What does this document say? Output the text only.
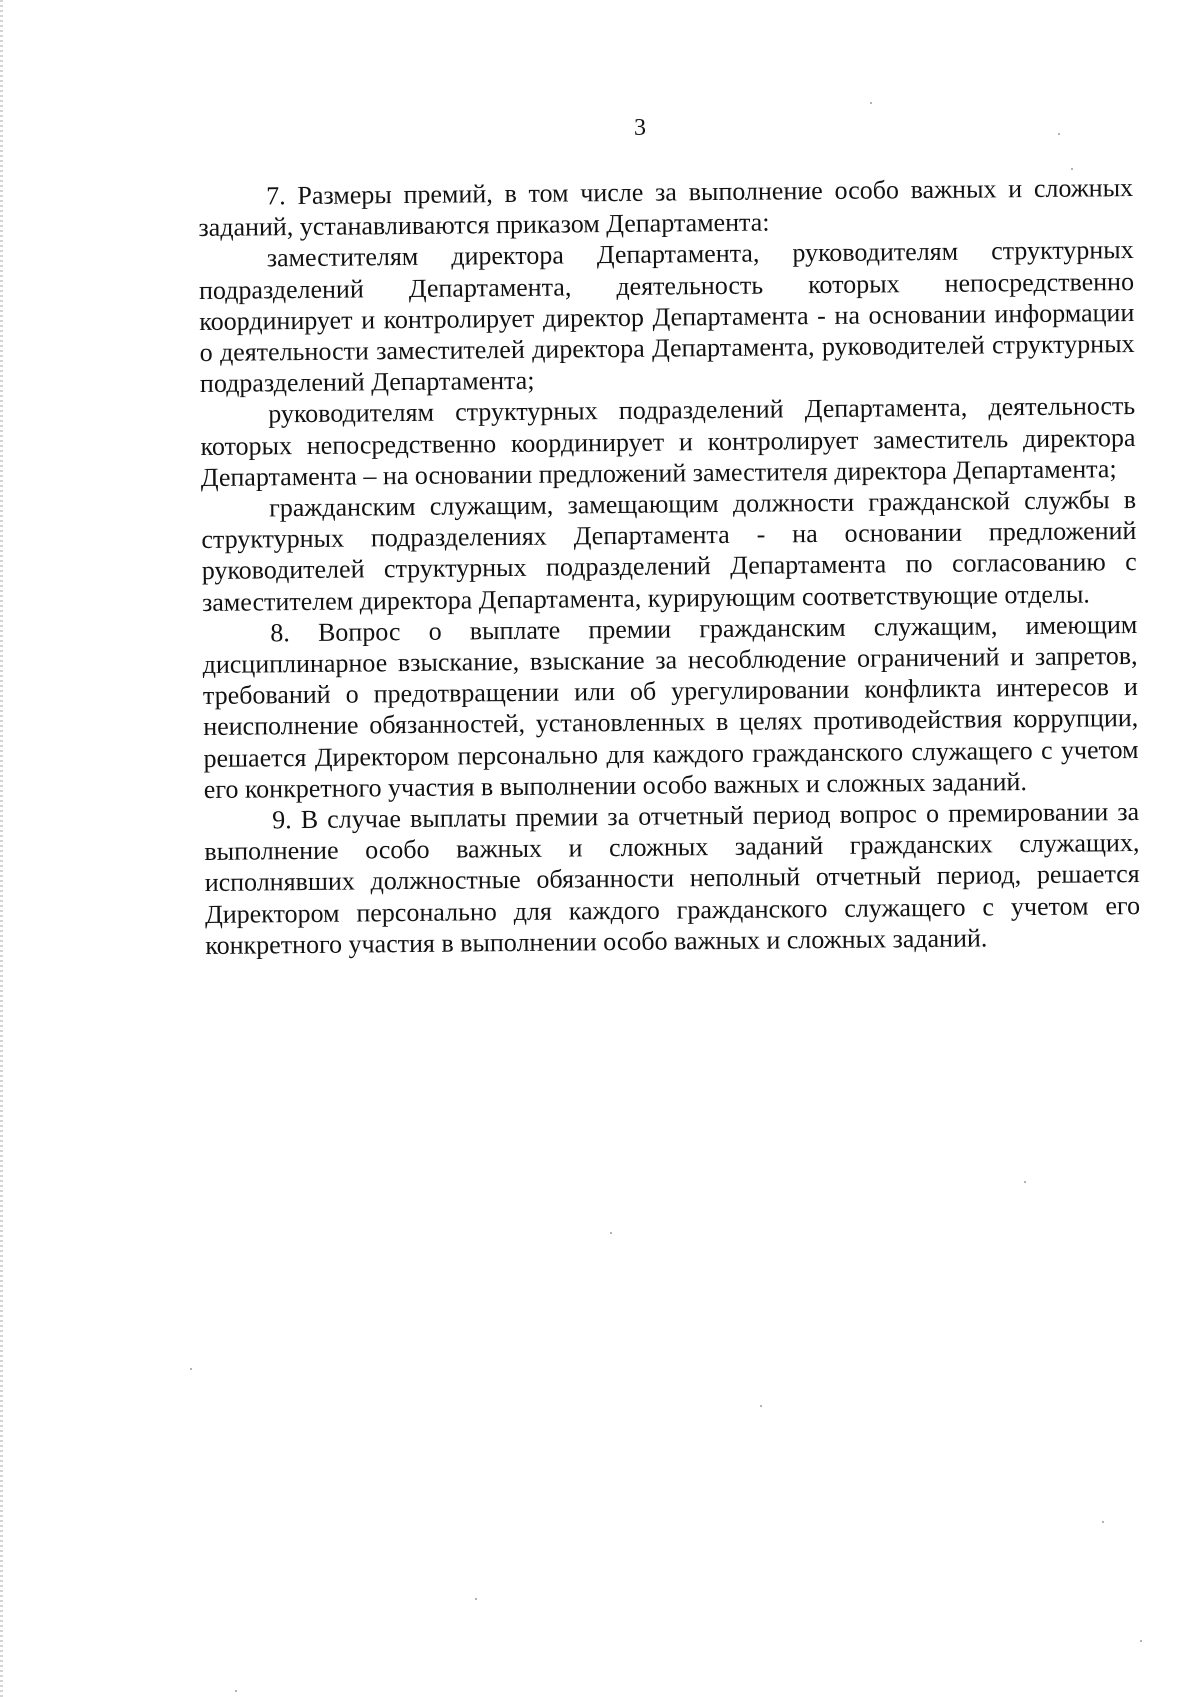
3

7. Размеры премий, в том числе за выполнение особо важных и сложных заданий, устанавливаются приказом Департамента:

заместителям директора Департамента, руководителям структурных подразделений Департамента, деятельность которых непосредственно координирует и контролирует директор Департамента - на основании информации о деятельности заместителей директора Департамента, руководителей структурных подразделений Департамента;

руководителям структурных подразделений Департамента, деятельность которых непосредственно координирует и контролирует заместитель директора Департамента – на основании предложений заместителя директора Департамента;

гражданским служащим, замещающим должности гражданской службы в структурных подразделениях Департамента - на основании предложений руководителей структурных подразделений Департамента по согласованию с заместителем директора Департамента, курирующим соответствующие отделы.

8. Вопрос о выплате премии гражданским служащим, имеющим дисциплинарное взыскание, взыскание за несоблюдение ограничений и запретов, требований о предотвращении или об урегулировании конфликта интересов и неисполнение обязанностей, установленных в целях противодействия коррупции, решается Директором персонально для каждого гражданского служащего с учетом его конкретного участия в выполнении особо важных и сложных заданий.

9. В случае выплаты премии за отчетный период вопрос о премировании за выполнение особо важных и сложных заданий гражданских служащих, исполнявших должностные обязанности неполный отчетный период, решается Директором персонально для каждого гражданского служащего с учетом его конкретного участия в выполнении особо важных и сложных заданий.
